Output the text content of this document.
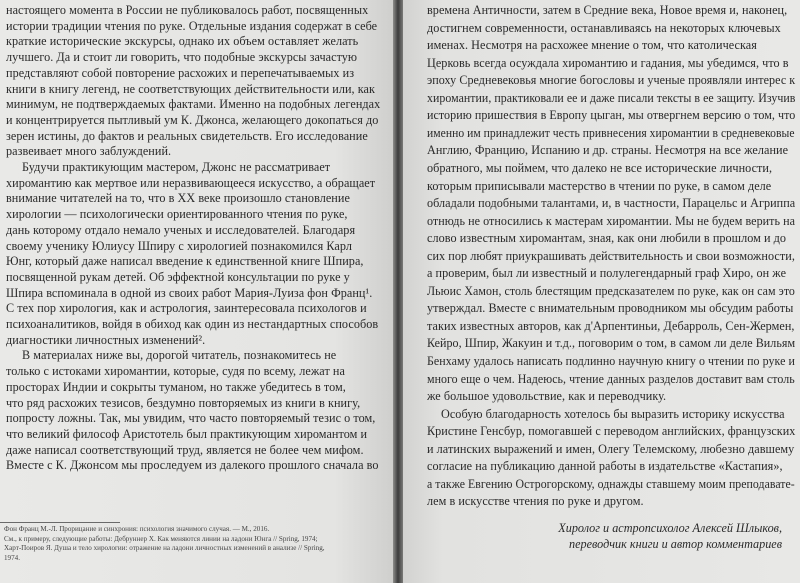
настоящего момента в России не публиковалось работ, посвященных
истории традиции чтения по руке. Отдельные издания содержат в себе
краткие исторические экскурсы, однако их объем оставляет желать
лучшего. Да и стоит ли говорить, что подобные экскурсы зачастую
представляют собой повторение расхожих и перепечатываемых из
книги в книгу легенд, не соответствующих действительности или, как
минимум, не подтверждаемых фактами. Именно на подобных легендах
и концентрируется пытливый ум К. Джонса, желающего докопаться до
зерен истины, до фактов и реальных свидетельств. Его исследование
развеивает много заблуждений.
Будучи практикующим мастером, Джонс не рассматривает
хиромантию как мертвое или неразвивающееся искусство, а обращает
внимание читателей на то, что в XX веке произошло становление
хирологии — психологически ориентированного чтения по руке,
дань которому отдало немало ученых и исследователей. Благодаря
своему ученику Юлиусу Шпиру с хирологией познакомился Карл
Юнг, который даже написал введение к единственной книге Шпира,
посвященной рукам детей. Об эффектной консультации по руке у
Шпира вспоминала в одной из своих работ Мария-Луиза фон Франц¹.
С тех пор хирология, как и астрология, заинтересовала психологов и
психоаналитиков, войдя в обиход как один из нестандартных способов
диагностики личностных изменений².
В материалах ниже вы, дорогой читатель, познакомитесь не
только с истоками хиромантии, которые, судя по всему, лежат на
просторах Индии и сокрыты туманом, но также убедитесь в том,
что ряд расхожих тезисов, бездумно повторяемых из книги в книгу,
попросту ложны. Так, мы увидим, что часто повторяемый тезис о том,
что великий философ Аристотель был практикующим хиромантом и
даже написал соответствующий труд, является не более чем мифом.
Вместе с К. Джонсом мы проследуем из далекого прошлого сначала во
Фон Франц М.-Л. Прорицание и синхрония: психология значимого случая. — М., 2016.
См., к примеру, следующие работы: Дебруннер Х. Как меняются линии на ладони Юнга // Spring, 1974;
Харт-Поиров Я. Душа и тело хирологии: отражение на ладони личностных изменений в анализе // Spring,
1974.
времена Античности, затем в Средние века, Новое время и, наконец,
достигнем современности, останавливаясь на некоторых ключевых
именах. Несмотря на расхожее мнение о том, что католическая
Церковь всегда осуждала хиромантию и гадания, мы убедимся, что в
эпоху Средневековья многие богословы и ученые проявляли интерес к
хиромантии, практиковали ее и даже писали тексты в ее защиту. Изучив
историю пришествия в Европу цыган, мы отвергнем версию о том, что
именно им принадлежит честь привнесения хиромантии в средневековые
Англию, Францию, Испанию и др. страны. Несмотря на все желание
обратного, мы поймем, что далеко не все исторические личности,
которым приписывали мастерство в чтении по руке, в самом деле
обладали подобными талантами, и, в частности, Парацельс и Агриппа
отнюдь не относились к мастерам хиромантии. Мы не будем верить на
слово известным хиромантам, зная, как они любили в прошлом и до
сих пор любят приукрашивать действительность и свои возможности,
а проверим, был ли известный и полулегендарный граф Хиро, он же
Льюис Хамон, столь блестящим предсказателем по руке, как он сам это
утверждал. Вместе с внимательным проводником мы обсудим работы
таких известных авторов, как д'Арпентиньи, Дебарроль, Сен-Жермен,
Кейро, Шпир, Жакуин и т.д., поговорим о том, в самом ли деле Вильям
Бенхаму удалось написать подлинно научную книгу о чтении по руке и
много еще о чем. Надеюсь, чтение данных разделов доставит вам столь
же большое удовольствие, как и переводчику.
Особую благодарность хотелось бы выразить историку искусства
Кристине Генсбур, помогавшей с переводом английских, французских
и латинских выражений и имен, Олегу Телемскому, любезно давшему
согласие на публикацию данной работы в издательстве «Кастапия»,
а также Евгению Острогорскому, однажды ставшему моим преподавате-
лем в искусстве чтения по руке и другом.
Хиролог и астропсихолог Алексей Шлыков,
переводчик книги и автор комментариев
